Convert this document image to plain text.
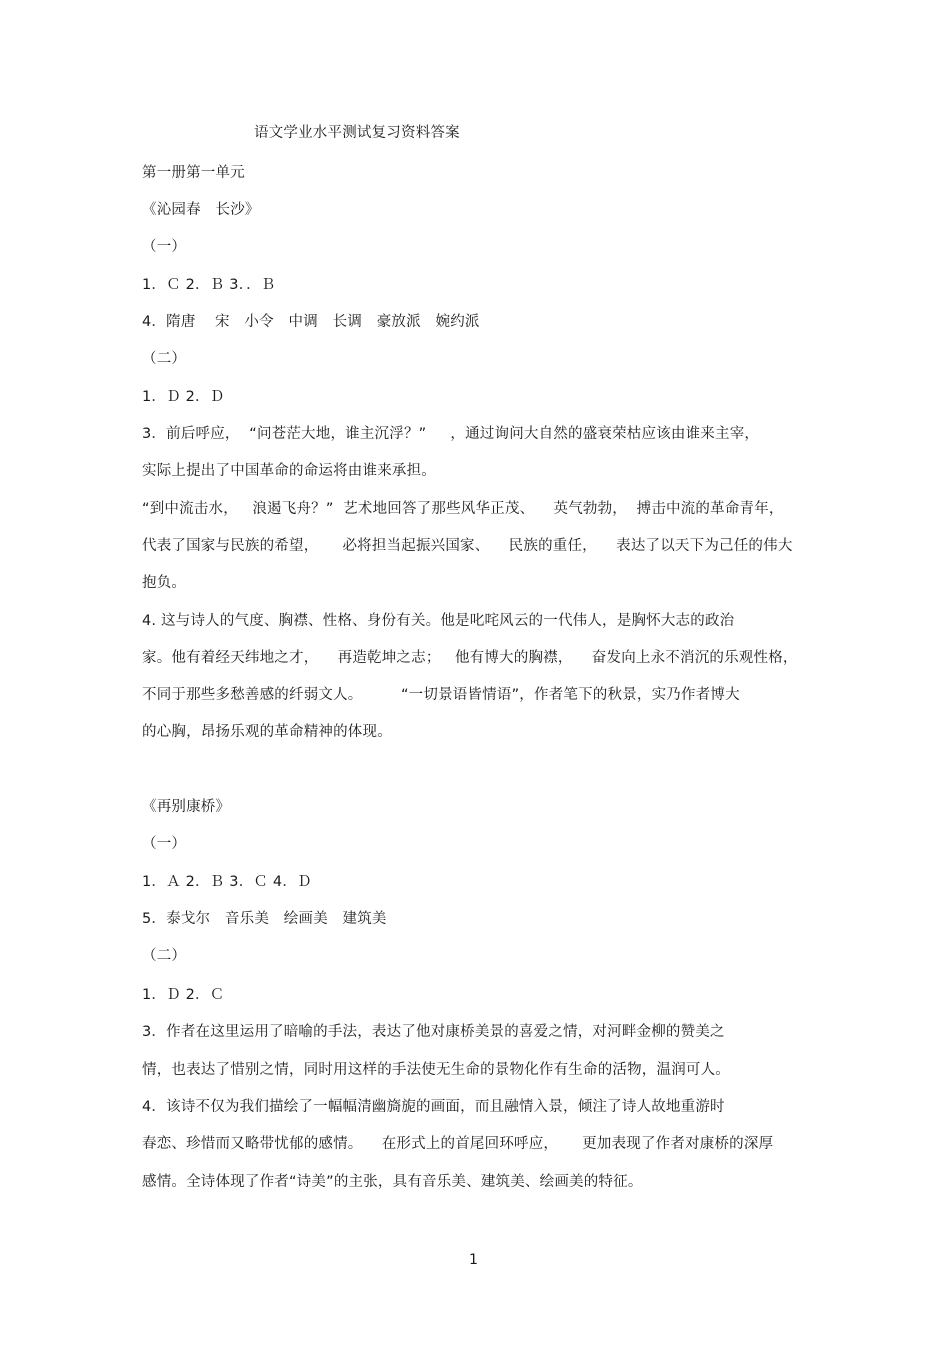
语文学业水平测试复习资料答案
第一册第一单元
《沁园春　长沙》
（一）
1．Ｃ 2．Ｂ 3．．Ｂ
4．隋唐　 宋　小令　中调　长调　豪放派　婉约派
（二）
1．Ｄ 2．Ｄ
3．前后呼应，  “问苍茫大地，谁主沉浮？”     ，通过询问大自然的盛衰荣枯应该由谁来主宰，
实际上提出了中国革命的命运将由谁来承担。
“到中流击水，   浪遏飞舟？”  艺术地回答了那些风华正茂、    英气勃勃，  搏击中流的革命青年，
代表了国家与民族的希望，     必将担当起振兴国家、    民族的重任，    表达了以天下为己任的伟大
抱负。
4. 这与诗人的气度、胸襟、性格、身份有关。他是叱咤风云的一代伟人，是胸怀大志的政治
家。他有着经天纬地之才，    再造乾坤之志；   他有博大的胸襟，    奋发向上永不消沉的乐观性格，
不同于那些多愁善感的纤弱文人。        “一切景语皆情语”，作者笔下的秋景，实乃作者博大
的心胸，昂扬乐观的革命精神的体现。
《再别康桥》
（一）
1．Ａ 2．Ｂ 3．Ｃ 4．Ｄ
5．泰戈尔　音乐美　绘画美　建筑美
（二）
1．Ｄ 2．Ｃ
3．作者在这里运用了暗喻的手法，表达了他对康桥美景的喜爱之情，对河畔金柳的赞美之
情，也表达了惜别之情，同时用这样的手法使无生命的景物化作有生命的活物，温润可人。
4．该诗不仅为我们描绘了一幅幅清幽旖旎的画面，而且融情入景，倾注了诗人故地重游时
春恋、珍惜而又略带忧郁的感情。    在形式上的首尾回环呼应，     更加表现了作者对康桥的深厚
感情。全诗体现了作者“诗美”的主张，具有音乐美、建筑美、绘画美的特征。
1
